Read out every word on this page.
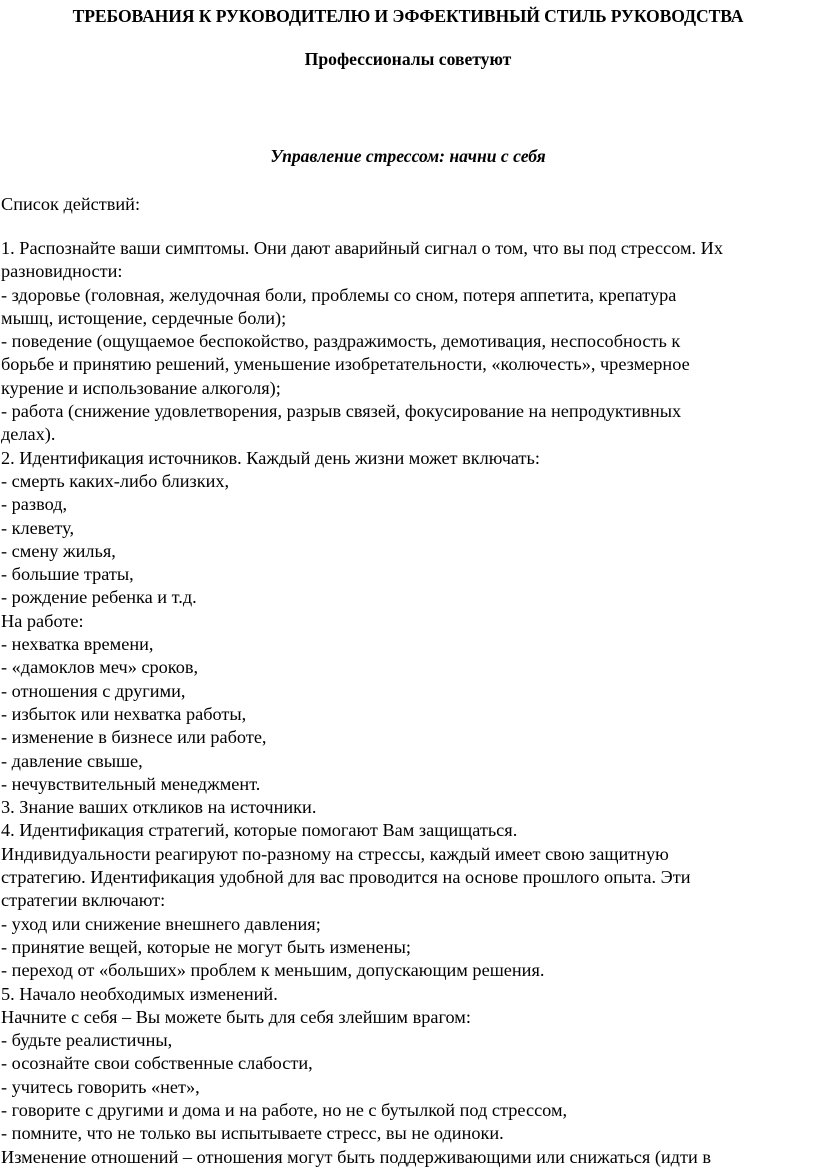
ТРЕБОВАНИЯ К РУКОВОДИТЕЛЮ И ЭФФЕКТИВНЫЙ СТИЛЬ РУКОВОДСТВА
Профессионалы советуют
Управление стрессом: начни с себя
Список действий:
1. Распознайте ваши симптомы. Они дают аварийный сигнал о том, что вы под стрессом. Их
разновидности:
- здоровье (головная, желудочная боли, проблемы со сном, потеря аппетита, крепатура
мышц, истощение, сердечные боли);
- поведение (ощущаемое беспокойство, раздражимость, демотивация, неспособность к
борьбе и принятию решений, уменьшение изобретательности, «колючесть», чрезмерное
курение и использование алкоголя);
- работа (снижение удовлетворения, разрыв связей, фокусирование на непродуктивных
делах).
2. Идентификация источников. Каждый день жизни может включать:
- смерть каких-либо близких,
- развод,
- клевету,
- смену жилья,
- большие траты,
- рождение ребенка и т.д.
На работе:
- нехватка времени,
- «дамоклов меч» сроков,
- отношения с другими,
- избыток или нехватка работы,
- изменение в бизнесе или работе,
- давление свыше,
- нечувствительный менеджмент.
3. Знание ваших откликов на источники.
4. Идентификация стратегий, которые помогают Вам защищаться.
Индивидуальности реагируют по-разному на стрессы, каждый имеет свою защитную
стратегию. Идентификация удобной для вас проводится на основе прошлого опыта. Эти
стратегии включают:
- уход или снижение внешнего давления;
- принятие вещей, которые не могут быть изменены;
- переход от «больших» проблем к меньшим, допускающим решения.
5. Начало необходимых изменений.
Начните с себя – Вы можете быть для себя злейшим врагом:
- будьте реалистичны,
- осознайте свои собственные слабости,
- учитесь говорить «нет»,
- говорите с другими и дома и на работе, но не с бутылкой под стрессом,
- помните, что не только вы испытываете стресс, вы не одиноки.
Изменение отношений – отношения могут быть поддерживающими или снижаться (идти в
